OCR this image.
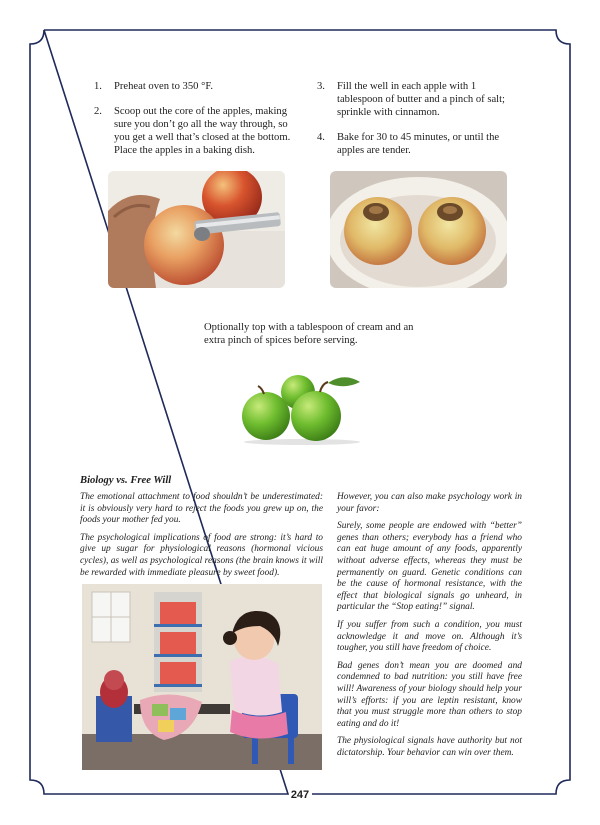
1. Preheat oven to 350 °F.
2. Scoop out the core of the apples, making sure you don’t go all the way through, so you get a well that’s closed at the bottom. Place the apples in a baking dish.
3. Fill the well in each apple with 1 tablespoon of butter and a pinch of salt; sprinkle with cinnamon.
4. Bake for 30 to 45 minutes, or until the apples are tender.
Optionally top with a tablespoon of cream and an extra pinch of spices before serving.
Biology vs. Free Will

The emotional attachment to food shouldn’t be underestimated: it is obviously very hard to reject the foods you grew up on, the foods your mother fed you.

The psychological implications of food are strong: it’s hard to give up sugar for physiological reasons (hormonal vicious cycles), as well as psychological reasons (the brain knows it will be rewarded with immediate pleasure by sweet food).

However, you can also make psychology work in your favor:

Surely, some people are endowed with “better” genes than others; everybody has a friend who can eat huge amount of any foods, apparently without adverse effects, whereas they must be permanently on guard. Genetic conditions can be the cause of hormonal resistance, with the effect that biological signals go unheard, in particular the “Stop eating!” signal.

If you suffer from such a condition, you must acknowledge it and move on. Although it’s tougher, you still have freedom of choice.

Bad genes don’t mean you are doomed and condemned to bad nutrition: you still have free will! Awareness of your biology should help your will’s efforts: if you are leptin resistant, know that you must struggle more than others to stop eating and do it!

The physiological signals have authority but not dictatorship. Your behavior can win over them.

247
